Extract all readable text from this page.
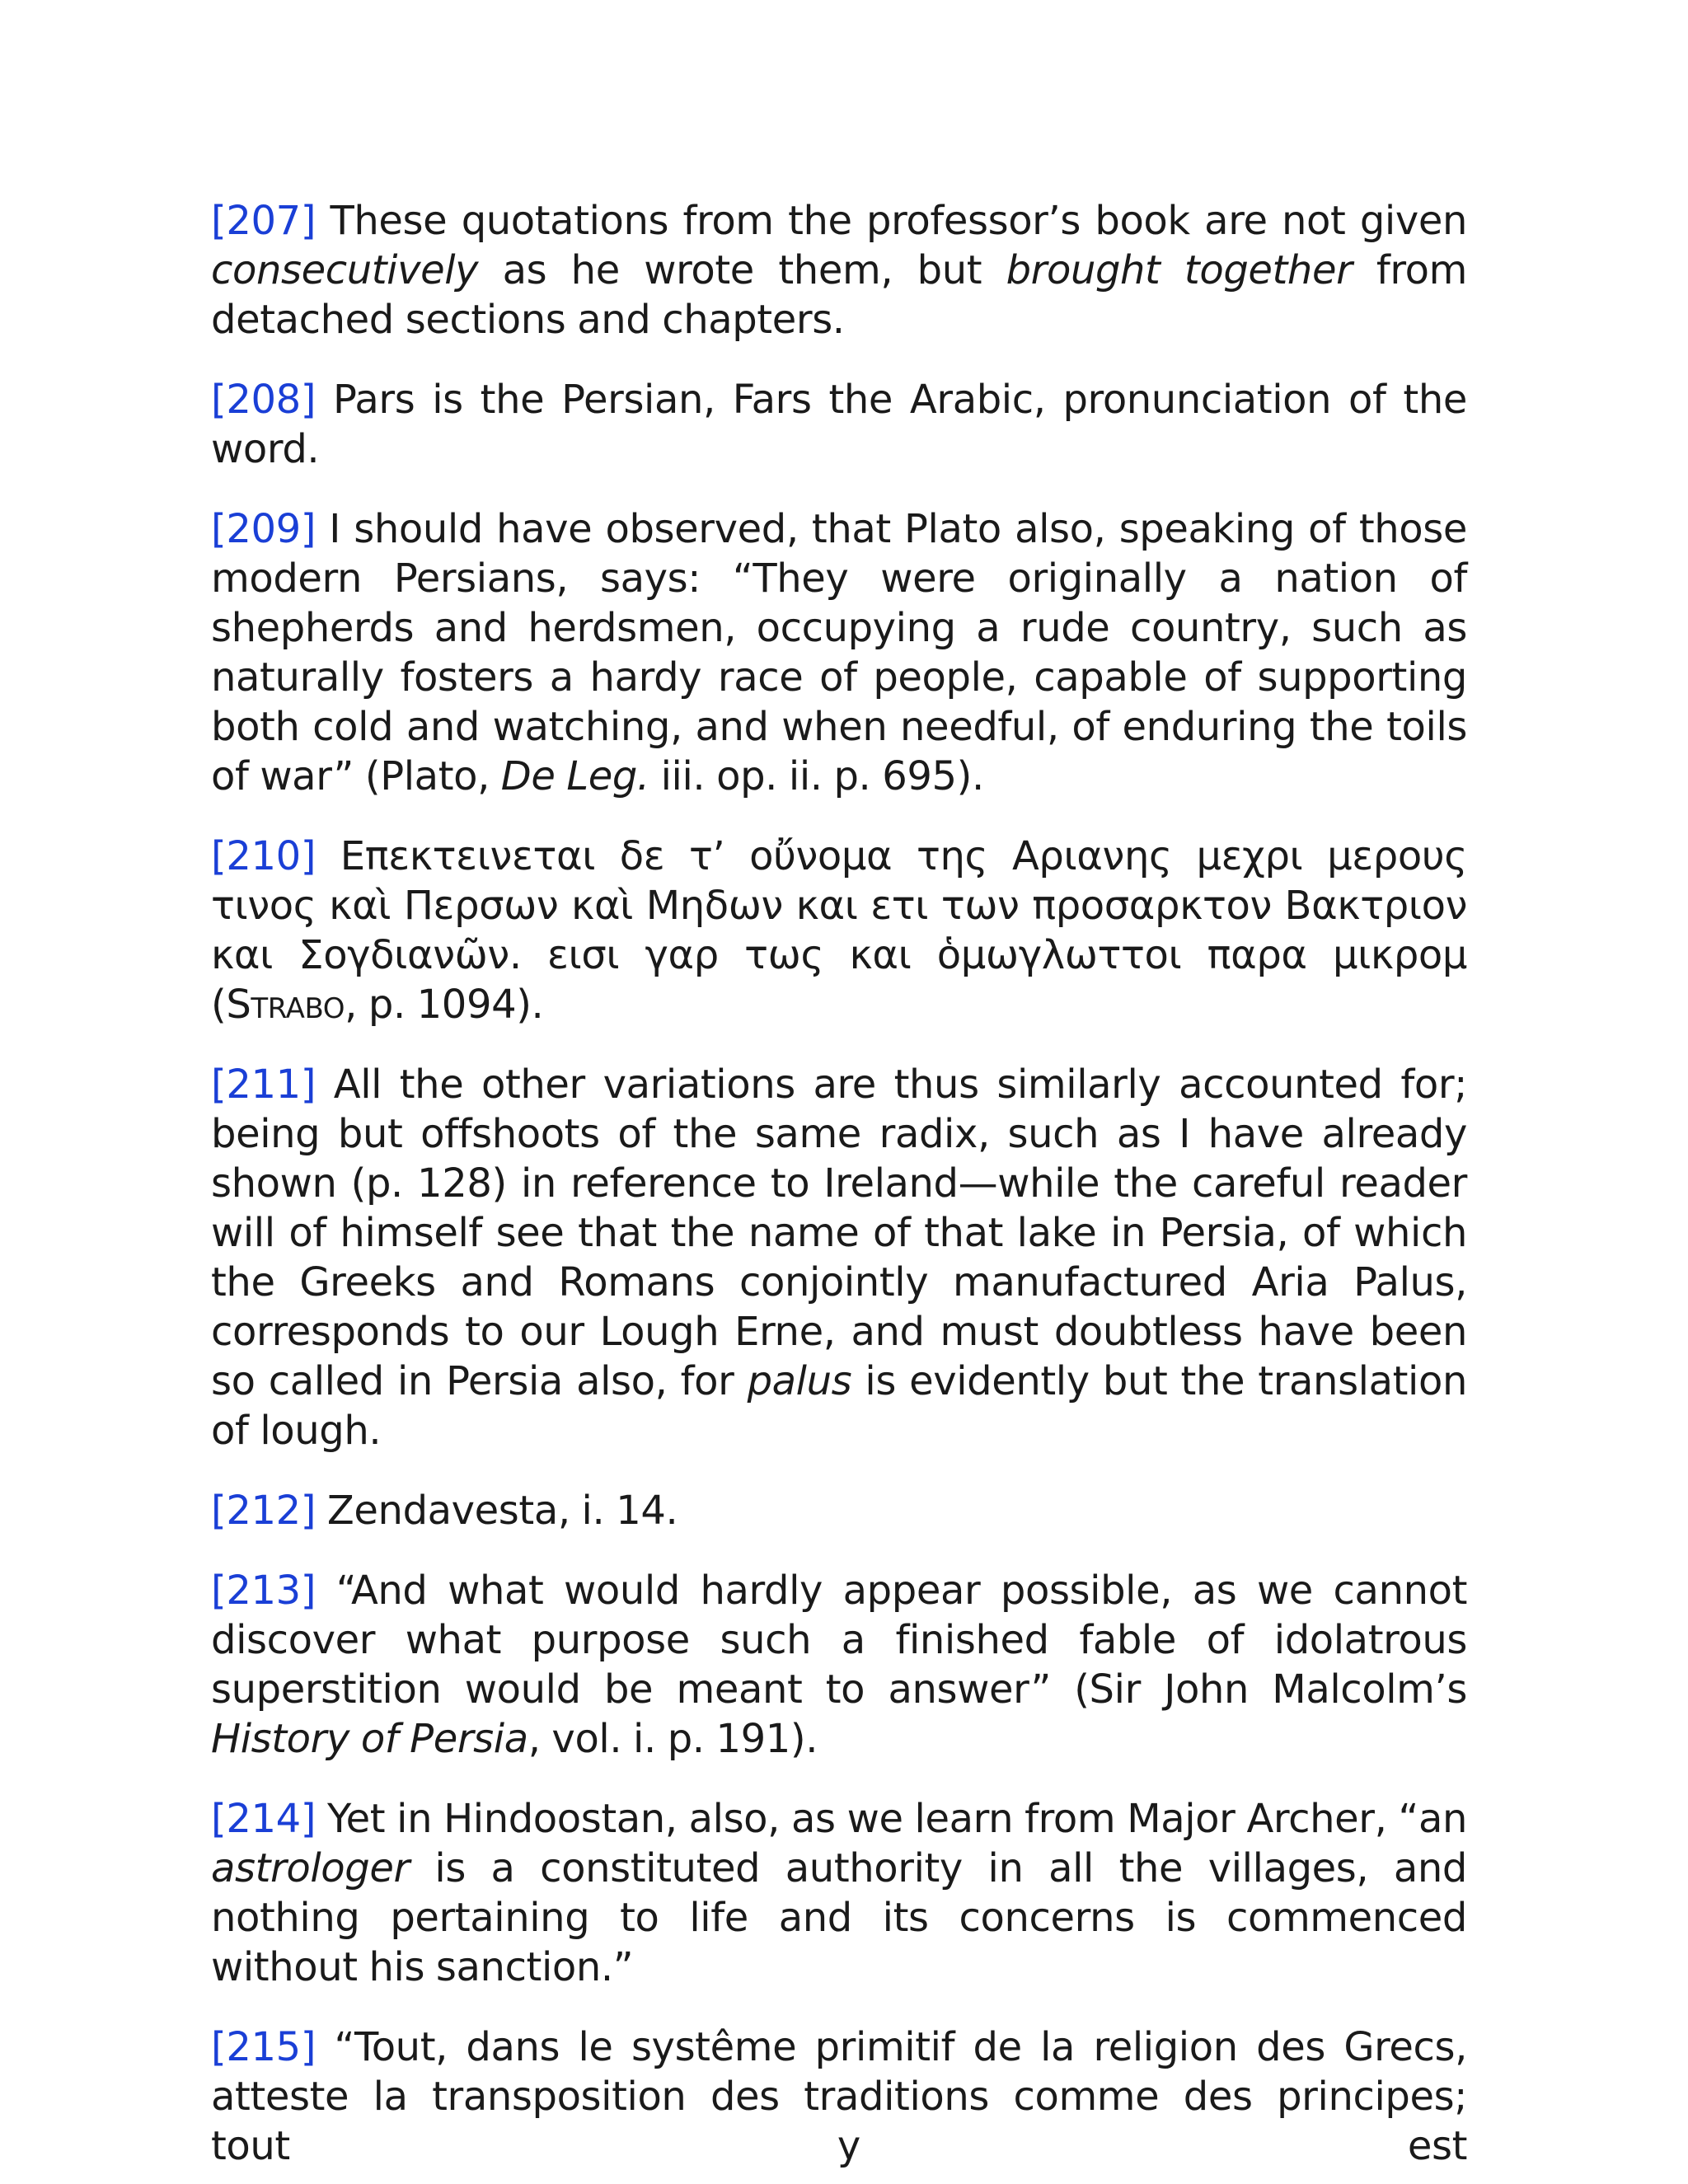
[207] These quotations from the professor’s book are not given consecutively as he wrote them, but brought together from detached sections and chapters.

[208] Pars is the Persian, Fars the Arabic, pronunciation of the word.

[209] I should have observed, that Plato also, speaking of those modern Persians, says: “They were originally a nation of shepherds and herdsmen, occupying a rude country, such as naturally fosters a hardy race of people, capable of supporting both cold and watching, and when needful, of enduring the toils of war” (Plato, De Leg. iii. op. ii. p. 695).

[210] Επεκτεινεται δε τ’ οὔνομα της Αριανης μεχρι μερους τινος καὶ Περσων καὶ Μηδων και ετι των προσαρκτον Βακτριον και Σογδιανῶν. εισι γαρ τως και ὁμωγλωττοι παρα μικρομ (Strabo, p. 1094).

[211] All the other variations are thus similarly accounted for; being but offshoots of the same radix, such as I have already shown (p. 128) in reference to Ireland—while the careful reader will of himself see that the name of that lake in Persia, of which the Greeks and Romans conjointly manufactured Aria Palus, corresponds to our Lough Erne, and must doubtless have been so called in Persia also, for palus is evidently but the translation of lough.

[212] Zendavesta, i. 14.

[213] “And what would hardly appear possible, as we cannot discover what purpose such a finished fable of idolatrous superstition would be meant to answer” (Sir John Malcolm’s History of Persia, vol. i. p. 191).

[214] Yet in Hindoostan, also, as we learn from Major Archer, “an astrologer is a constituted authority in all the villages, and nothing pertaining to life and its concerns is commenced without his sanction.”

[215] “Tout, dans le systême primitif de la religion des Grecs, atteste la transposition des traditions comme des principes; tout y est
